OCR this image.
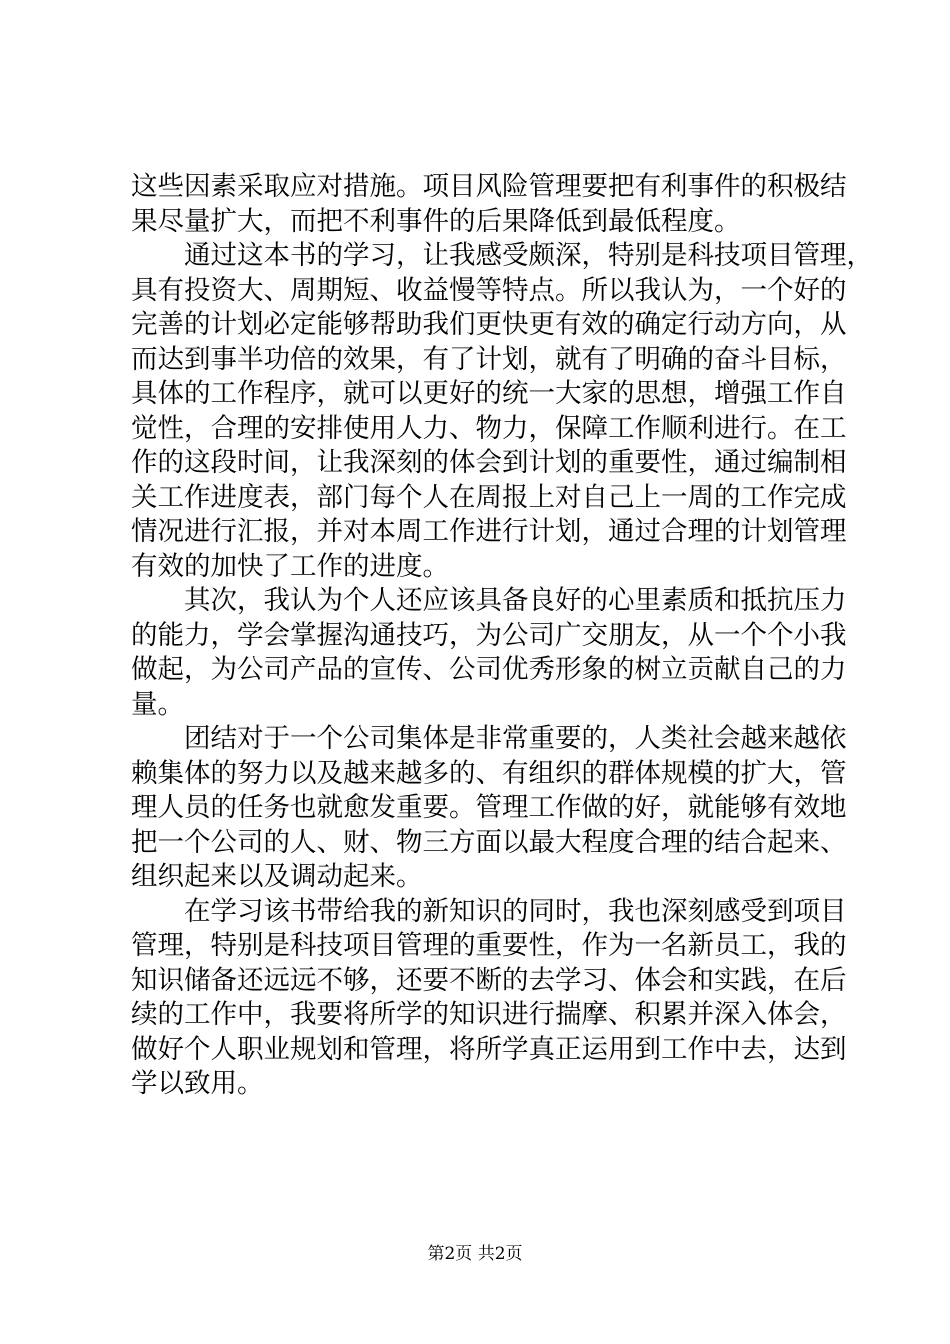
这些因素采取应对措施。项目风险管理要把有利事件的积极结
果尽量扩大，而把不利事件的后果降低到最低程度。
通过这本书的学习，让我感受颇深，特别是科技项目管理，
具有投资大、周期短、收益慢等特点。所以我认为，一个好的
完善的计划必定能够帮助我们更快更有效的确定行动方向，从
而达到事半功倍的效果，有了计划，就有了明确的奋斗目标，
具体的工作程序，就可以更好的统一大家的思想，增强工作自
觉性，合理的安排使用人力、物力，保障工作顺利进行。在工
作的这段时间，让我深刻的体会到计划的重要性，通过编制相
关工作进度表，部门每个人在周报上对自己上一周的工作完成
情况进行汇报，并对本周工作进行计划，通过合理的计划管理
有效的加快了工作的进度。
其次，我认为个人还应该具备良好的心里素质和抵抗压力
的能力，学会掌握沟通技巧，为公司广交朋友，从一个个小我
做起，为公司产品的宣传、公司优秀形象的树立贡献自己的力
量。
团结对于一个公司集体是非常重要的，人类社会越来越依
赖集体的努力以及越来越多的、有组织的群体规模的扩大，管
理人员的任务也就愈发重要。管理工作做的好，就能够有效地
把一个公司的人、财、物三方面以最大程度合理的结合起来、
组织起来以及调动起来。
在学习该书带给我的新知识的同时，我也深刻感受到项目
管理，特别是科技项目管理的重要性，作为一名新员工，我的
知识储备还远远不够，还要不断的去学习、体会和实践，在后
续的工作中，我要将所学的知识进行揣摩、积累并深入体会，
做好个人职业规划和管理，将所学真正运用到工作中去，达到
学以致用。
第2页 共2页
